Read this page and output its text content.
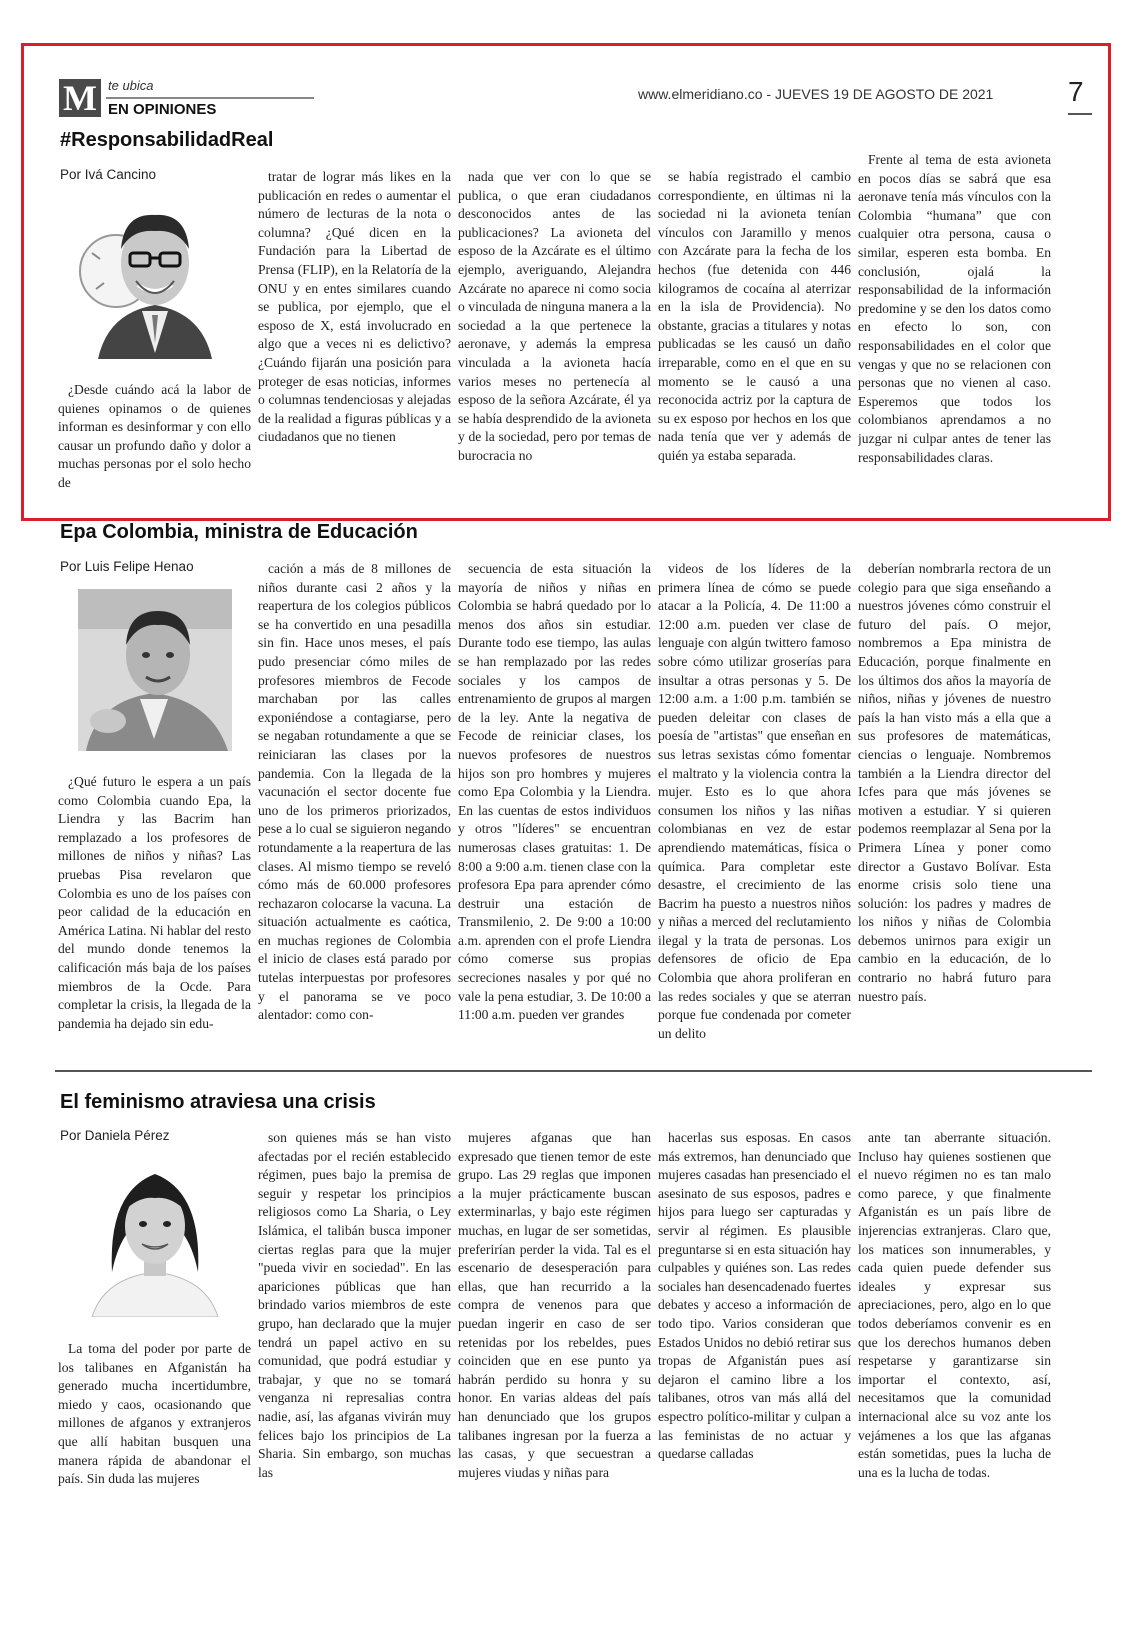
M te ubica
EN OPINIONES
www.elmeridiano.co - JUEVES 19 DE AGOSTO DE 2021	7
#ResponsabilidadReal
Por Ivá Cancino

¿Desde cuándo acá la labor de quienes opinamos o de quienes informan es desinformar y con ello causar un profundo daño y dolor a muchas personas por el solo hecho de

tratar de lograr más likes en la publicación en redes o aumentar el número de lecturas de la nota o columna? ¿Qué dicen en la Fundación para la Libertad de Prensa (FLIP), en la Relatoría de la ONU y en entes similares cuando se publica, por ejemplo, que el esposo de X, está involucrado en algo que a veces ni es delictivo? ¿Cuándo fijarán una posición para proteger de esas noticias, informes o columnas tendenciosas y alejadas de la realidad a figuras públicas y a ciudadanos que no tienen

nada que ver con lo que se publica, o que eran ciudadanos desconocidos antes de las publicaciones? La avioneta del esposo de la Azcárate es el último ejemplo, averiguando, Alejandra Azcárate no aparece ni como socia o vinculada de ninguna manera a la sociedad a la que pertenece la aeronave, y además la empresa vinculada a la avioneta hacía varios meses no pertenecía al esposo de la señora Azcárate, él ya se había desprendido de la avioneta y de la sociedad, pero por temas de burocracia no

se había registrado el cambio correspondiente, en últimas ni la sociedad ni la avioneta tenían vínculos con Jaramillo y menos con Azcárate para la fecha de los hechos (fue detenida con 446 kilogramos de cocaína al aterrizar en la isla de Providencia). No obstante, gracias a titulares y notas publicadas se les causó un daño irreparable, como en el que en su momento se le causó a una reconocida actriz por la captura de su ex esposo por hechos en los que nada tenía que ver y además de quién ya estaba separada.

Frente al tema de esta avioneta en pocos días se sabrá que esa aeronave tenía más vínculos con la Colombia “humana” que con cualquier otra persona, causa o similar, esperen esta bomba. En conclusión, ojalá la responsabilidad de la información predomine y se den los datos como en efecto lo son, con responsabilidades en el color que vengas y que no se relacionen con personas que no vienen al caso. Esperemos que todos los colombianos aprendamos a no juzgar ni culpar antes de tener las responsabilidades claras.

Epa Colombia, ministra de Educación
Por Luis Felipe Henao

¿Qué futuro le espera a un país como Colombia cuando Epa, la Liendra y las Bacrim han remplazado a los profesores de millones de niños y niñas? Las pruebas Pisa revelaron que Colombia es uno de los países con peor calidad de la educación en América Latina. Ni hablar del resto del mundo donde tenemos la calificación más baja de los países miembros de la Ocde. Para completar la crisis, la llegada de la pandemia ha dejado sin edu-

cación a más de 8 millones de niños durante casi 2 años y la reapertura de los colegios públicos se ha convertido en una pesadilla sin fin. Hace unos meses, el país pudo presenciar cómo miles de profesores miembros de Fecode marchaban por las calles exponiéndose a contagiarse, pero se negaban rotundamente a que se reiniciaran las clases por la pandemia. Con la llegada de la vacunación el sector docente fue uno de los primeros priorizados, pese a lo cual se siguieron negando rotundamente a la reapertura de las clases. Al mismo tiempo se reveló cómo más de 60.000 profesores rechazaron colocarse la vacuna. La situación actualmente es caótica, en muchas regiones de Colombia el inicio de clases está parado por tutelas interpuestas por profesores y el panorama se ve poco alentador: como con-

secuencia de esta situación la mayoría de niños y niñas en Colombia se habrá quedado por lo menos dos años sin estudiar. Durante todo ese tiempo, las aulas se han remplazado por las redes sociales y los campos de entrenamiento de grupos al margen de la ley. Ante la negativa de Fecode de reiniciar clases, los nuevos profesores de nuestros hijos son pro hombres y mujeres como Epa Colombia y la Liendra. En las cuentas de estos individuos y otros "líderes" se encuentran numerosas clases gratuitas: 1. De 8:00 a 9:00 a.m. tienen clase con la profesora Epa para aprender cómo destruir una estación de Transmilenio, 2. De 9:00 a 10:00 a.m. aprenden con el profe Liendra cómo comerse sus propias secreciones nasales y por qué no vale la pena estudiar, 3. De 10:00 a 11:00 a.m. pueden ver grandes

videos de los líderes de la primera línea de cómo se puede atacar a la Policía, 4. De 11:00 a 12:00 a.m. pueden ver clase de lenguaje con algún twittero famoso sobre cómo utilizar groserías para insultar a otras personas y 5. De 12:00 a.m. a 1:00 p.m. también se pueden deleitar con clases de poesía de "artistas" que enseñan en sus letras sexistas cómo fomentar el maltrato y la violencia contra la mujer. Esto es lo que ahora consumen los niños y las niñas colombianas en vez de estar aprendiendo matemáticas, física o química. Para completar este desastre, el crecimiento de las Bacrim ha puesto a nuestros niños y niñas a merced del reclutamiento ilegal y la trata de personas. Los defensores de oficio de Epa Colombia que ahora proliferan en las redes sociales y que se aterran porque fue condenada por cometer un delito

deberían nombrarla rectora de un colegio para que siga enseñando a nuestros jóvenes cómo construir el futuro del país. O mejor, nombremos a Epa ministra de Educación, porque finalmente en los últimos dos años la mayoría de niños, niñas y jóvenes de nuestro país la han visto más a ella que a sus profesores de matemáticas, ciencias o lenguaje. Nombremos también a la Liendra director del Icfes para que más jóvenes se motiven a estudiar. Y si quieren podemos reemplazar al Sena por la Primera Línea y poner como director a Gustavo Bolívar. Esta enorme crisis solo tiene una solución: los padres y madres de los niños y niñas de Colombia debemos unirnos para exigir un cambio en la educación, de lo contrario no habrá futuro para nuestro país.

El feminismo atraviesa una crisis
Por Daniela Pérez

La toma del poder por parte de los talibanes en Afganistán ha generado mucha incertidumbre, miedo y caos, ocasionando que millones de afganos y extranjeros que allí habitan busquen una manera rápida de abandonar el país. Sin duda las mujeres

son quienes más se han visto afectadas por el recién establecido régimen, pues bajo la premisa de seguir y respetar los principios religiosos como La Sharia, o Ley Islámica, el talibán busca imponer ciertas reglas para que la mujer "pueda vivir en sociedad". En las apariciones públicas que han brindado varios miembros de este grupo, han declarado que la mujer tendrá un papel activo en su comunidad, que podrá estudiar y trabajar, y que no se tomará venganza ni represalias contra nadie, así, las afganas vivirán muy felices bajo los principios de La Sharia. Sin embargo, son muchas las

mujeres afganas que han expresado que tienen temor de este grupo. Las 29 reglas que imponen a la mujer prácticamente buscan exterminarlas, y bajo este régimen muchas, en lugar de ser sometidas, preferirían perder la vida. Tal es el escenario de desesperación para ellas, que han recurrido a la compra de venenos para que puedan ingerir en caso de ser retenidas por los rebeldes, pues coinciden que en ese punto ya habrán perdido su honra y su honor. En varias aldeas del país han denunciado que los grupos talibanes ingresan por la fuerza a las casas, y que secuestran a mujeres viudas y niñas para

hacerlas sus esposas. En casos más extremos, han denunciado que mujeres casadas han presenciado el asesinato de sus esposos, padres e hijos para luego ser capturadas y servir al régimen. Es plausible preguntarse si en esta situación hay culpables y quiénes son. Las redes sociales han desencadenado fuertes debates y acceso a información de todo tipo. Varios consideran que Estados Unidos no debió retirar sus tropas de Afganistán pues así dejaron el camino libre a los talibanes, otros van más allá del espectro político-militar y culpan a las feministas de no actuar y quedarse calladas

ante tan aberrante situación. Incluso hay quienes sostienen que el nuevo régimen no es tan malo como parece, y que finalmente Afganistán es un país libre de injerencias extranjeras. Claro que, los matices son innumerables, y cada quien puede defender sus ideales y expresar sus apreciaciones, pero, algo en lo que todos deberíamos convenir es en que los derechos humanos deben respetarse y garantizarse sin importar el contexto, así, necesitamos que la comunidad internacional alce su voz ante los vejámenes a los que las afganas están sometidas, pues la lucha de una es la lucha de todas.
